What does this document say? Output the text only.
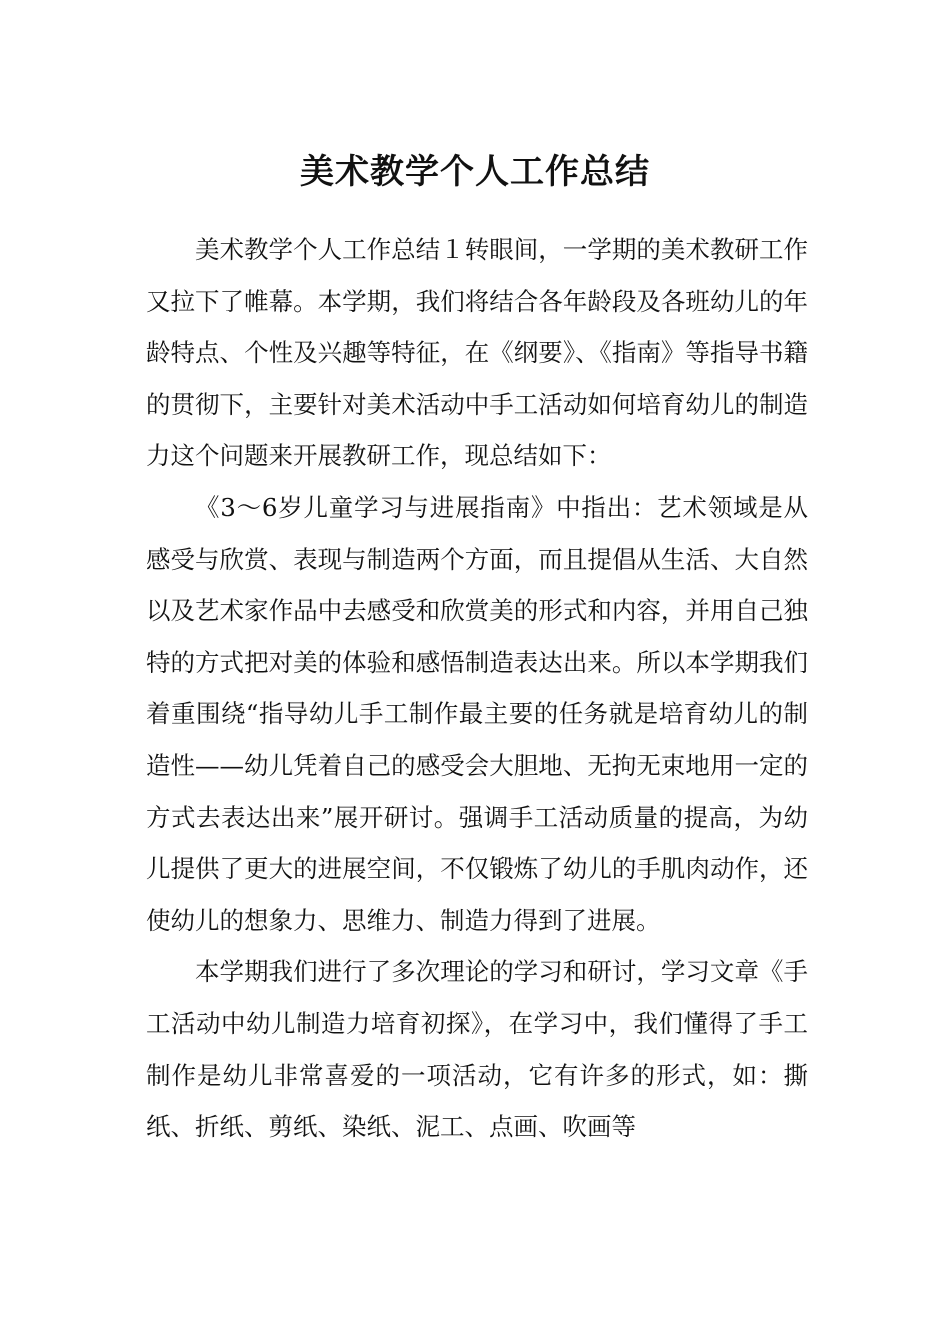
美术教学个人工作总结

美术教学个人工作总结１转眼间，一学期的美术教研工作又拉下了帷幕。本学期，我们将结合各年龄段及各班幼儿的年龄特点、个性及兴趣等特征，在《纲要》、《指南》等指导书籍的贯彻下，主要针对美术活动中手工活动如何培育幼儿的制造力这个问题来开展教研工作，现总结如下：

《3～6岁儿童学习与进展指南》中指出：艺术领域是从感受与欣赏、表现与制造两个方面，而且提倡从生活、大自然以及艺术家作品中去感受和欣赏美的形式和内容，并用自己独特的方式把对美的体验和感悟制造表达出来。所以本学期我们着重围绕“指导幼儿手工制作最主要的任务就是培育幼儿的制造性——幼儿凭着自己的感受会大胆地、无拘无束地用一定的方式去表达出来”展开研讨。强调手工活动质量的提高，为幼儿提供了更大的进展空间，不仅锻炼了幼儿的手肌肉动作，还使幼儿的想象力、思维力、制造力得到了进展。

本学期我们进行了多次理论的学习和研讨，学习文章《手工活动中幼儿制造力培育初探》，在学习中，我们懂得了手工制作是幼儿非常喜爱的一项活动，它有许多的形式，如：撕纸、折纸、剪纸、染纸、泥工、点画、吹画等
